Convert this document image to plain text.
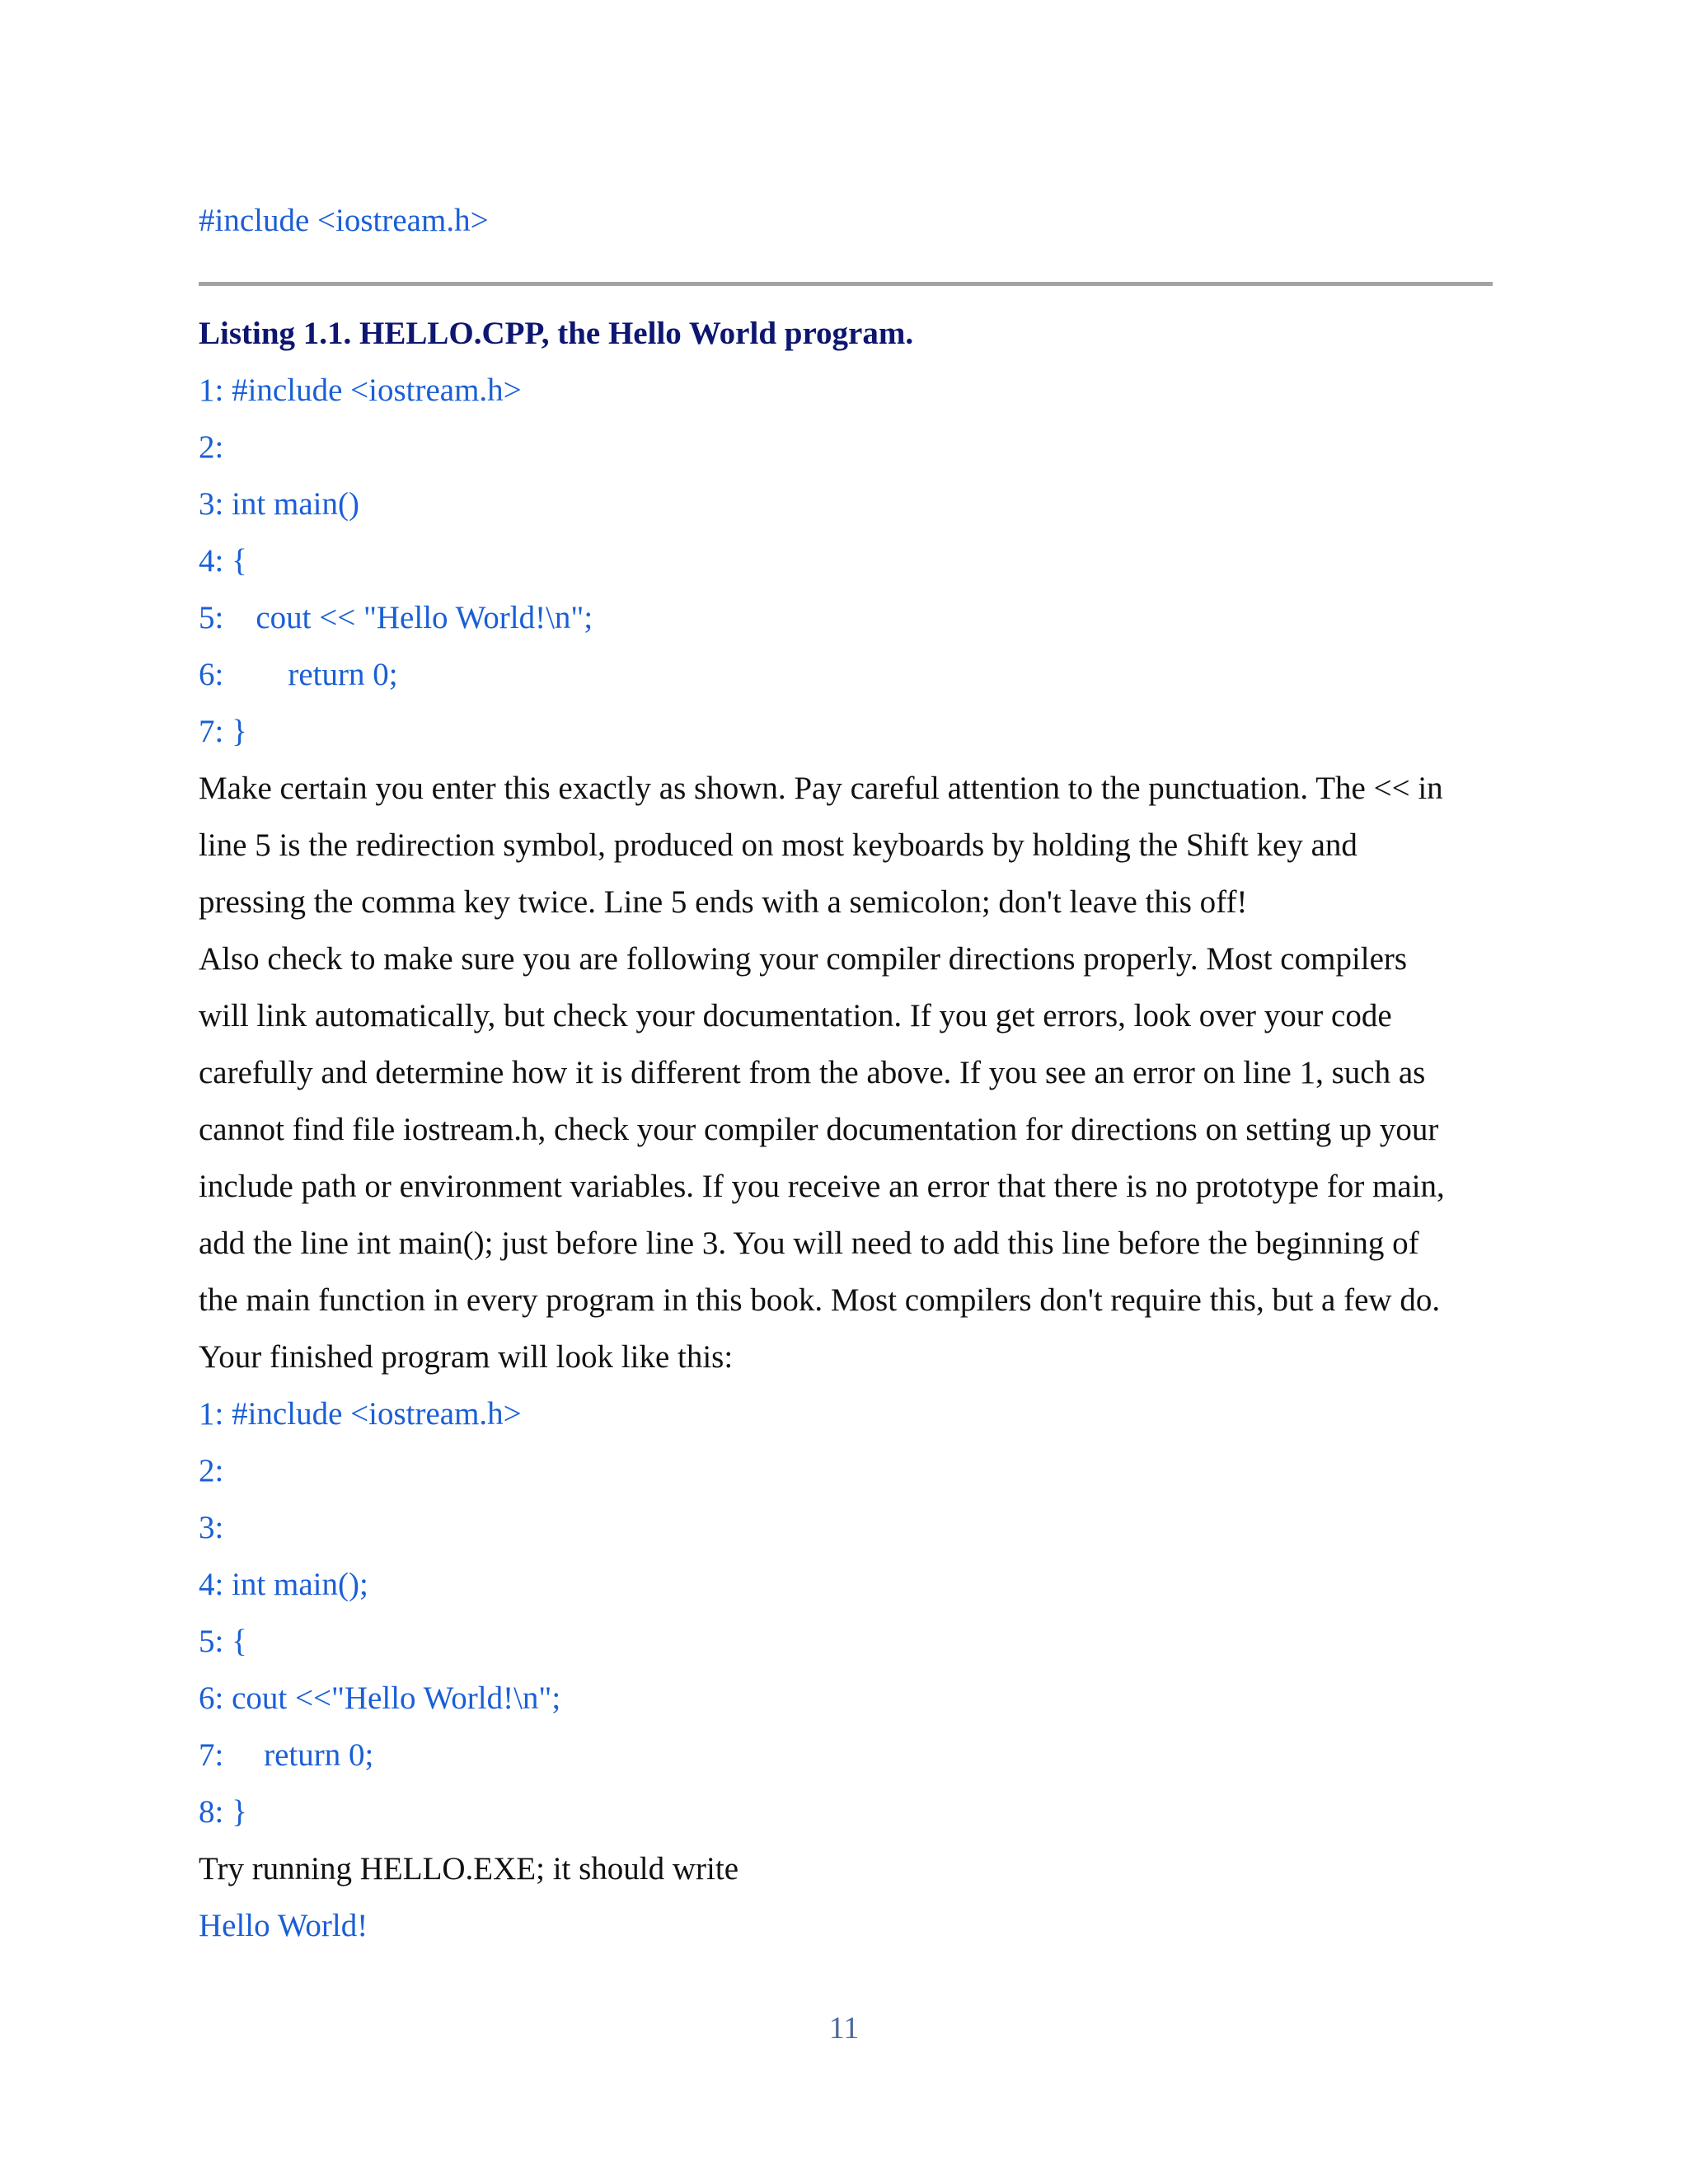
#include <iostream.h>
Listing 1.1. HELLO.CPP, the Hello World program.
1: #include <iostream.h>
2:
3: int main()
4: {
5:    cout << "Hello World!\n";
6:        return 0;
7: }
Make certain you enter this exactly as shown. Pay careful attention to the punctuation. The << in
line 5 is the redirection symbol, produced on most keyboards by holding the Shift key and
pressing the comma key twice. Line 5 ends with a semicolon; don't leave this off!
Also check to make sure you are following your compiler directions properly. Most compilers
will link automatically, but check your documentation. If you get errors, look over your code
carefully and determine how it is different from the above. If you see an error on line 1, such as
cannot find file iostream.h, check your compiler documentation for directions on setting up your
include path or environment variables. If you receive an error that there is no prototype for main,
add the line int main(); just before line 3. You will need to add this line before the beginning of
the main function in every program in this book. Most compilers don't require this, but a few do.
Your finished program will look like this:
1: #include <iostream.h>
2:
3:
4: int main();
5: {
6: cout <<"Hello World!\n";
7:     return 0;
8: }
Try running HELLO.EXE; it should write
Hello World!
11
